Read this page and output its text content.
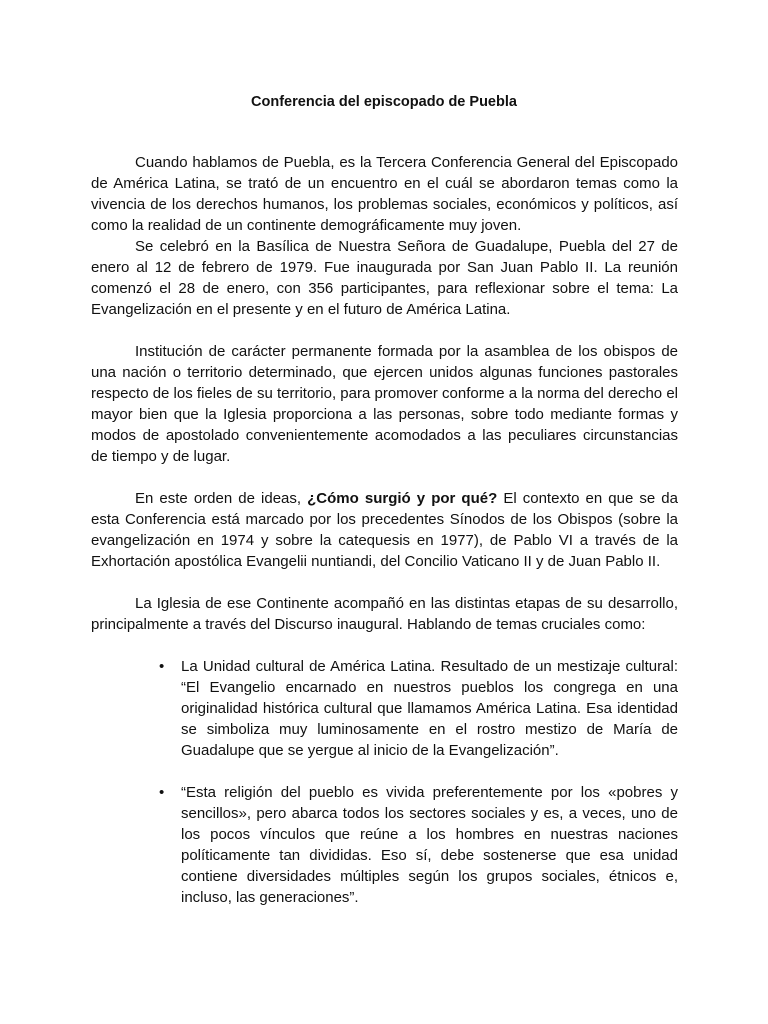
Conferencia del episcopado de Puebla

Cuando hablamos de Puebla, es la Tercera Conferencia General del Episcopado de América Latina, se trató de un encuentro en el cuál se abordaron temas como la vivencia de los derechos humanos, los problemas sociales, económicos y políticos, así como la realidad de un continente demográficamente muy joven.

Se celebró en la Basílica de Nuestra Señora de Guadalupe, Puebla del 27 de enero al 12 de febrero de 1979. Fue inaugurada por San Juan Pablo II. La reunión comenzó el 28 de enero, con 356 participantes, para reflexionar sobre el tema: La Evangelización en el presente y en el futuro de América Latina.

Institución de carácter permanente formada por la asamblea de los obispos de una nación o territorio determinado, que ejercen unidos algunas funciones pastorales respecto de los fieles de su territorio, para promover conforme a la norma del derecho el mayor bien que la Iglesia proporciona a las personas, sobre todo mediante formas y modos de apostolado convenientemente acomodados a las peculiares circunstancias de tiempo y de lugar.

En este orden de ideas, ¿Cómo surgió y por qué? El contexto en que se da esta Conferencia está marcado por los precedentes Sínodos de los Obispos (sobre la evangelización en 1974 y sobre la catequesis en 1977), de Pablo VI a través de la Exhortación apostólica Evangelii nuntiandi, del Concilio Vaticano II y de Juan Pablo II.

La Iglesia de ese Continente acompañó en las distintas etapas de su desarrollo, principalmente a través del Discurso inaugural. Hablando de temas cruciales como:

• La Unidad cultural de América Latina. Resultado de un mestizaje cultural: “El Evangelio encarnado en nuestros pueblos los congrega en una originalidad histórica cultural que llamamos América Latina. Esa identidad se simboliza muy luminosamente en el rostro mestizo de María de Guadalupe que se yergue al inicio de la Evangelización”.
• “Esta religión del pueblo es vivida preferentemente por los «pobres y sencillos», pero abarca todos los sectores sociales y es, a veces, uno de los pocos vínculos que reúne a los hombres en nuestras naciones políticamente tan divididas. Eso sí, debe sostenerse que esa unidad contiene diversidades múltiples según los grupos sociales, étnicos e, incluso, las generaciones”.
